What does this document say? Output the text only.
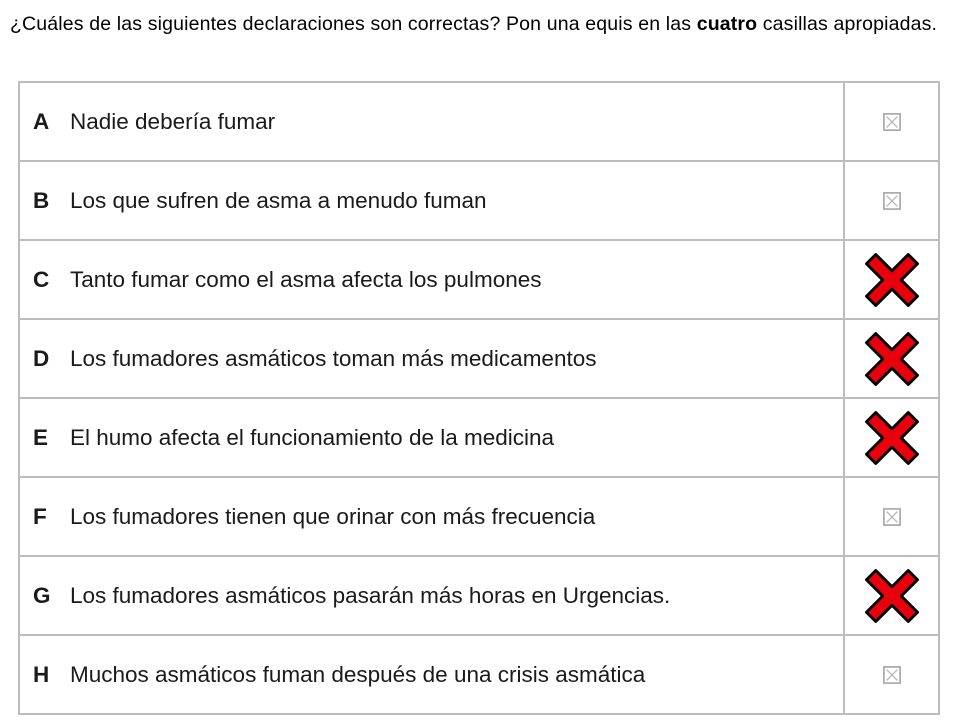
¿Cuáles de las siguientes declaraciones son correctas? Pon una equis en las cuatro casillas apropiadas.
A Nadie debería fumar
B Los que sufren de asma a menudo fuman
C Tanto fumar como el asma afecta los pulmones
D Los fumadores asmáticos toman más medicamentos
E El humo afecta el funcionamiento de la medicina
F	Los fumadores tienen que orinar con más frecuencia
G Los fumadores asmáticos pasarán más horas en Urgencias.
H Muchos asmáticos fuman después de una crisis asmática
